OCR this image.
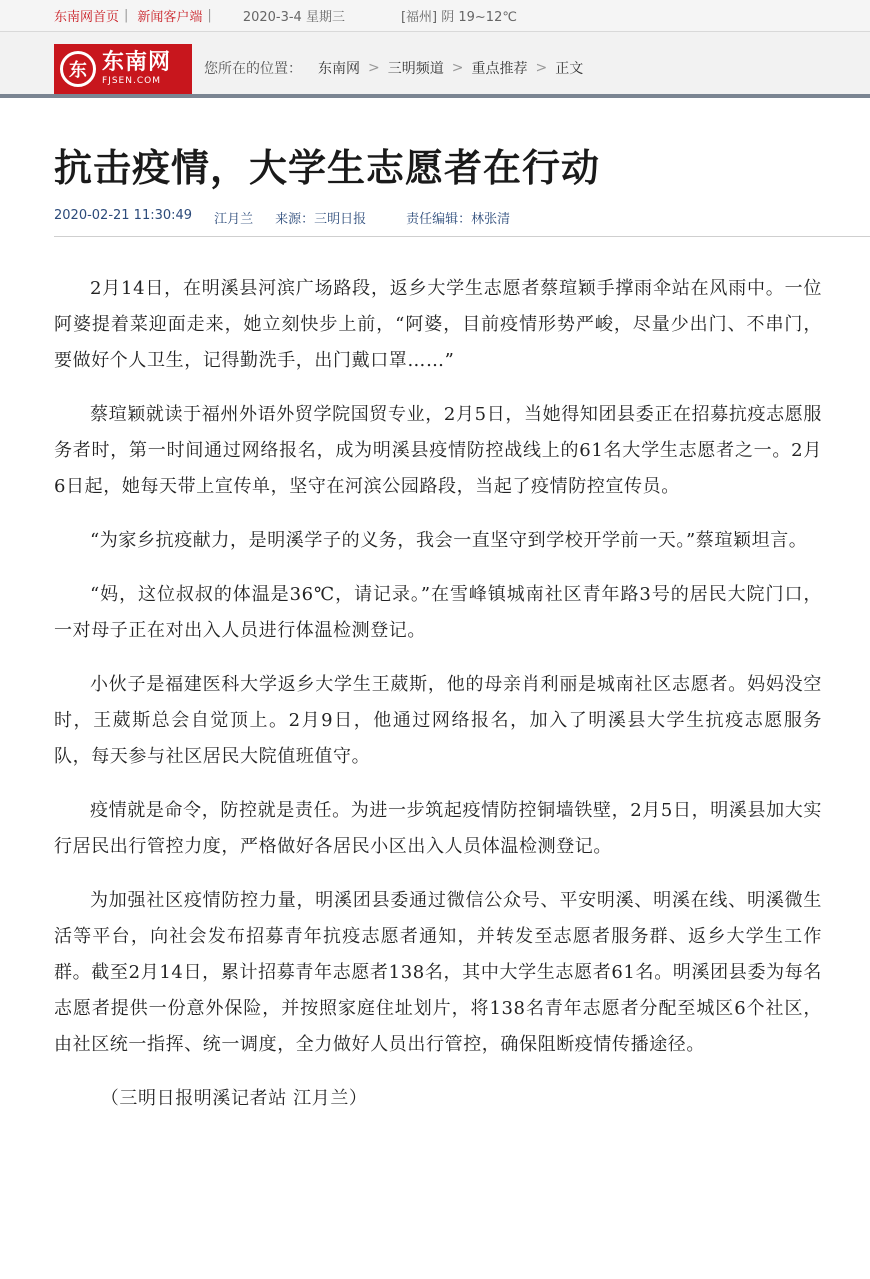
东南网首页 | 新闻客户端 | 2020-3-4 星期三	[福州] 阴 19~12℃
东 东南网
FJSEN.COM
您所在的位置： 东南网 > 三明频道 > 重点推荐 > 正文
抗击疫情，大学生志愿者在行动
2020-02-21 11:30:49 江月兰 来源：三明日报	责任编辑：林张清

2月14日，在明溪县河滨广场路段，返乡大学生志愿者蔡瑄颖手撑雨伞站在风雨中。一位阿婆提着菜迎面走来，她立刻快步上前，“阿婆，目前疫情形势严峻，尽量少出门、不串门，要做好个人卫生，记得勤洗手，出门戴口罩……”

蔡瑄颖就读于福州外语外贸学院国贸专业，2月5日，当她得知团县委正在招募抗疫志愿服务者时，第一时间通过网络报名，成为明溪县疫情防控战线上的61名大学生志愿者之一。2月6日起，她每天带上宣传单，坚守在河滨公园路段，当起了疫情防控宣传员。

“为家乡抗疫献力，是明溪学子的义务，我会一直坚守到学校开学前一天。”蔡瑄颖坦言。

“妈，这位叔叔的体温是36℃，请记录。”在雪峰镇城南社区青年路3号的居民大院门口，一对母子正在对出入人员进行体温检测登记。

小伙子是福建医科大学返乡大学生王葳斯，他的母亲肖利丽是城南社区志愿者。妈妈没空时，王葳斯总会自觉顶上。2月9日，他通过网络报名，加入了明溪县大学生抗疫志愿服务队，每天参与社区居民大院值班值守。

疫情就是命令，防控就是责任。为进一步筑起疫情防控铜墙铁壁，2月5日，明溪县加大实行居民出行管控力度，严格做好各居民小区出入人员体温检测登记。

为加强社区疫情防控力量，明溪团县委通过微信公众号、平安明溪、明溪在线、明溪微生活等平台，向社会发布招募青年抗疫志愿者通知，并转发至志愿者服务群、返乡大学生工作群。截至2月14日，累计招募青年志愿者138名，其中大学生志愿者61名。明溪团县委为每名志愿者提供一份意外保险，并按照家庭住址划片，将138名青年志愿者分配至城区6个社区，由社区统一指挥、统一调度，全力做好人员出行管控，确保阻断疫情传播途径。

（三明日报明溪记者站 江月兰）
